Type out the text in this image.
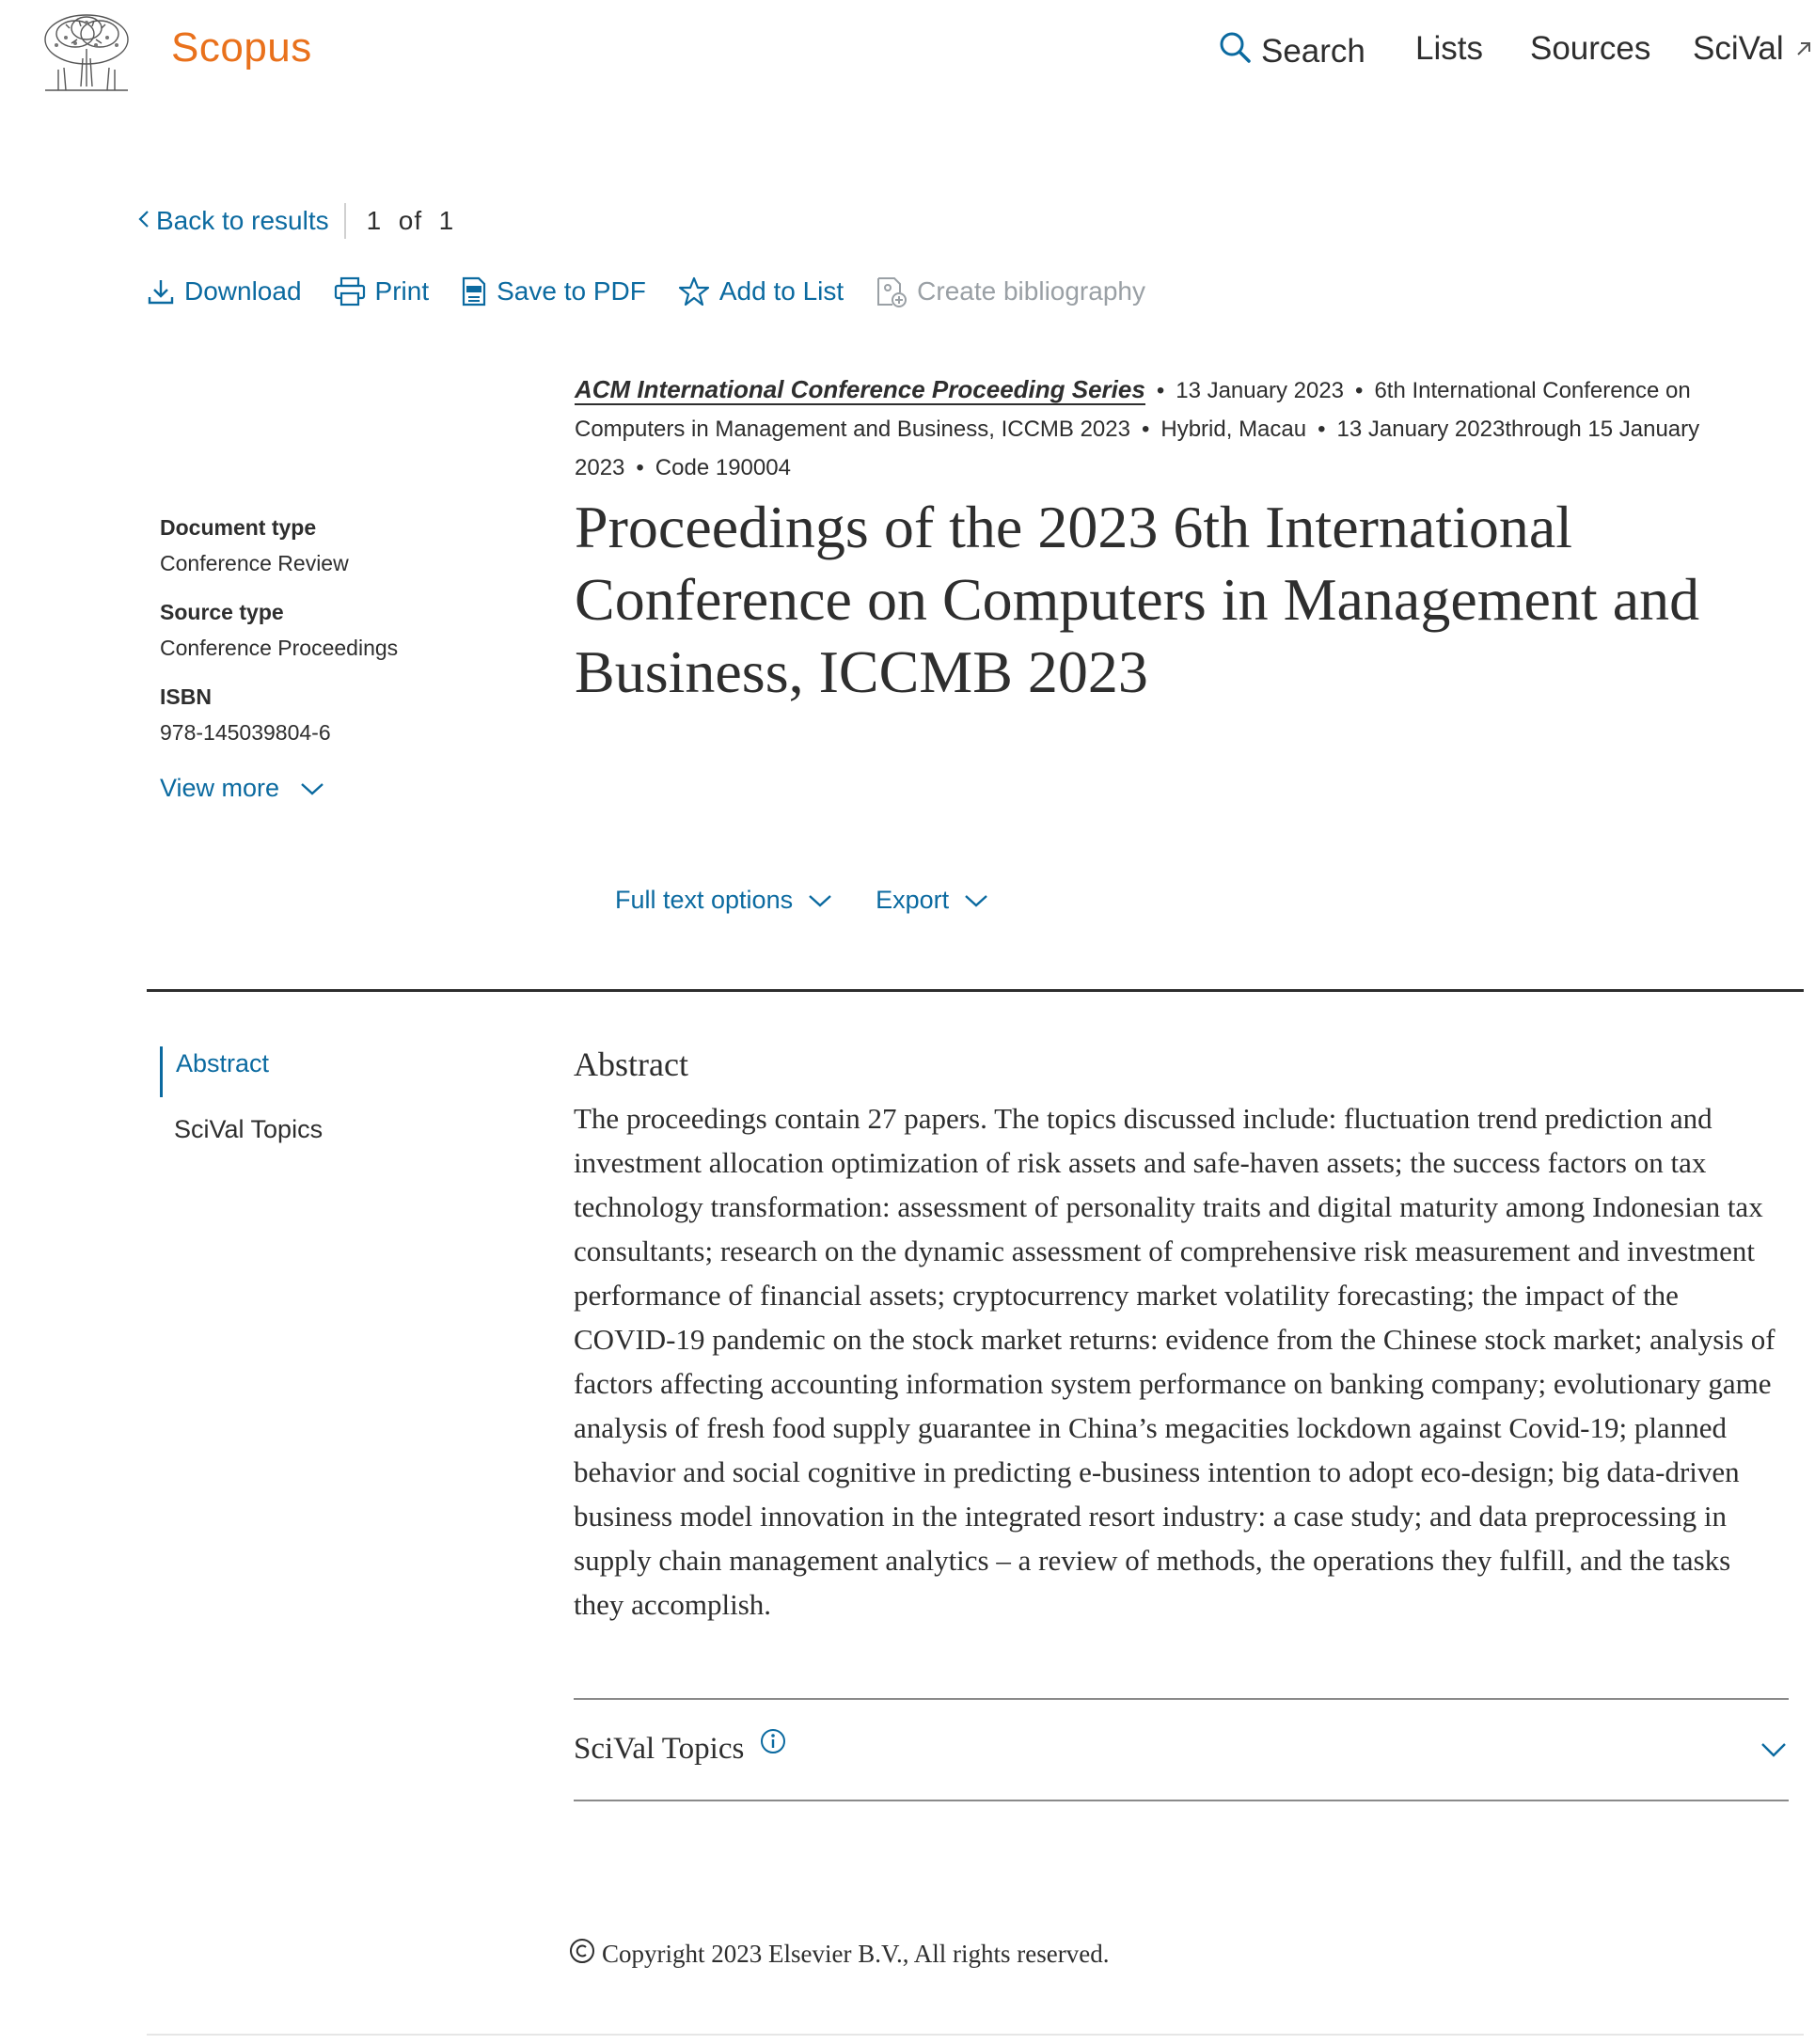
Scopus	Search Lists Sources SciVal
Back to results 1  of  1
Download	Print	Save to PDF	Add to List	Create bibliography
ACM International Conference Proceeding Series • 13 January 2023 • 6th International Conference on Computers in Management and Business, ICCMB 2023 • Hybrid, Macau • 13 January 2023through 15 January 2023 • Code 190004
Document type
Conference Review
Source type
Conference Proceedings
ISBN
978-145039804-6
View more
Proceedings of the 2023 6th International Conference on Computers in Management and Business, ICCMB 2023
Full text options	Export
Abstract
SciVal Topics
Abstract

The proceedings contain 27 papers. The topics discussed include: fluctuation trend prediction and investment allocation optimization of risk assets and safe-haven assets; the success factors on tax technology transformation: assessment of personality traits and digital maturity among Indonesian tax consultants; research on the dynamic assessment of comprehensive risk measurement and investment performance of financial assets; cryptocurrency market volatility forecasting; the impact of the COVID-19 pandemic on the stock market returns: evidence from the Chinese stock market; analysis of factors affecting accounting information system performance on banking company; evolutionary game analysis of fresh food supply guarantee in China’s megacities lockdown against Covid-19; planned behavior and social cognitive in predicting e-business intention to adopt eco-design; big data-driven business model innovation in the integrated resort industry: a case study; and data preprocessing in supply chain management analytics – a review of methods, the operations they fulfill, and the tasks they accomplish.

SciVal Topics
Copyright 2023 Elsevier B.V., All rights reserved.
